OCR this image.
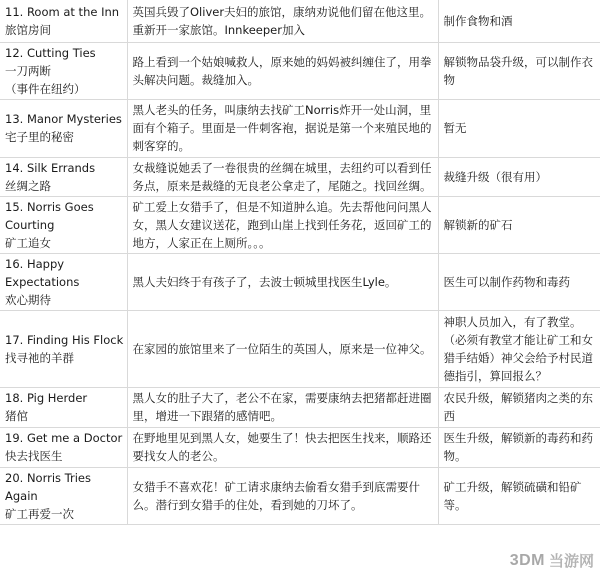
11. Room at the Inn
旅馆房间	英国兵毁了Oliver夫妇的旅馆，康纳劝说他们留在他这里。重新开一家旅馆。Innkeeper加入	制作食物和酒

12. Cutting Ties
一刀两断
（事件在纽约）	路上看到一个姑娘喊救人，原来她的妈妈被纠缠住了，用拳头解决问题。裁缝加入。	解锁物品袋升级，可以制作衣物

13. Manor Mysteries
宅子里的秘密	黑人老头的任务，叫康纳去找矿工Norris炸开一处山洞，里面有个箱子。里面是一件刺客袍，据说是第一个来殖民地的刺客穿的。	暂无

14. Silk Errands
丝绸之路	女裁缝说她丢了一卷很贵的丝绸在城里，去纽约可以看到任务点，原来是裁缝的无良老公拿走了，尾随之。找回丝绸。	裁缝升级（很有用）

15. Norris Goes Courting
矿工追女	矿工爱上女猎手了，但是不知道肿么追。先去帮他问问黑人女，黑人女建议送花，跑到山崖上找到任务花，返回矿工的地方，人家正在上厕所。。。	解锁新的矿石

16. Happy Expectations
欢心期待	黑人夫妇终于有孩子了，去波士顿城里找医生Lyle。	医生可以制作药物和毒药

17. Finding His Flock
找寻祂的羊群	在家园的旅馆里来了一位陌生的英国人，原来是一位神父。	神职人员加入，有了教堂。（必须有教堂才能让矿工和女猎手结婚）神父会给予村民道德指引，算回报么？

18. Pig Herder
猪倌	黑人女的肚子大了，老公不在家，需要康纳去把猪都赶进圈里，增进一下跟猪的感情吧。	农民升级，解锁猪肉之类的东西

19. Get me a Doctor
快去找医生	在野地里见到黑人女，她要生了！快去把医生找来，顺路还要找女人的老公。	医生升级，解锁新的毒药和药物。

20. Norris Tries Again
矿工再爱一次	女猎手不喜欢花！矿工请求康纳去偷看女猎手到底需要什么。潜行到女猎手的住处，看到她的刀坏了。	矿工升级，解锁硫磺和铅矿等。
3DM 当游网
